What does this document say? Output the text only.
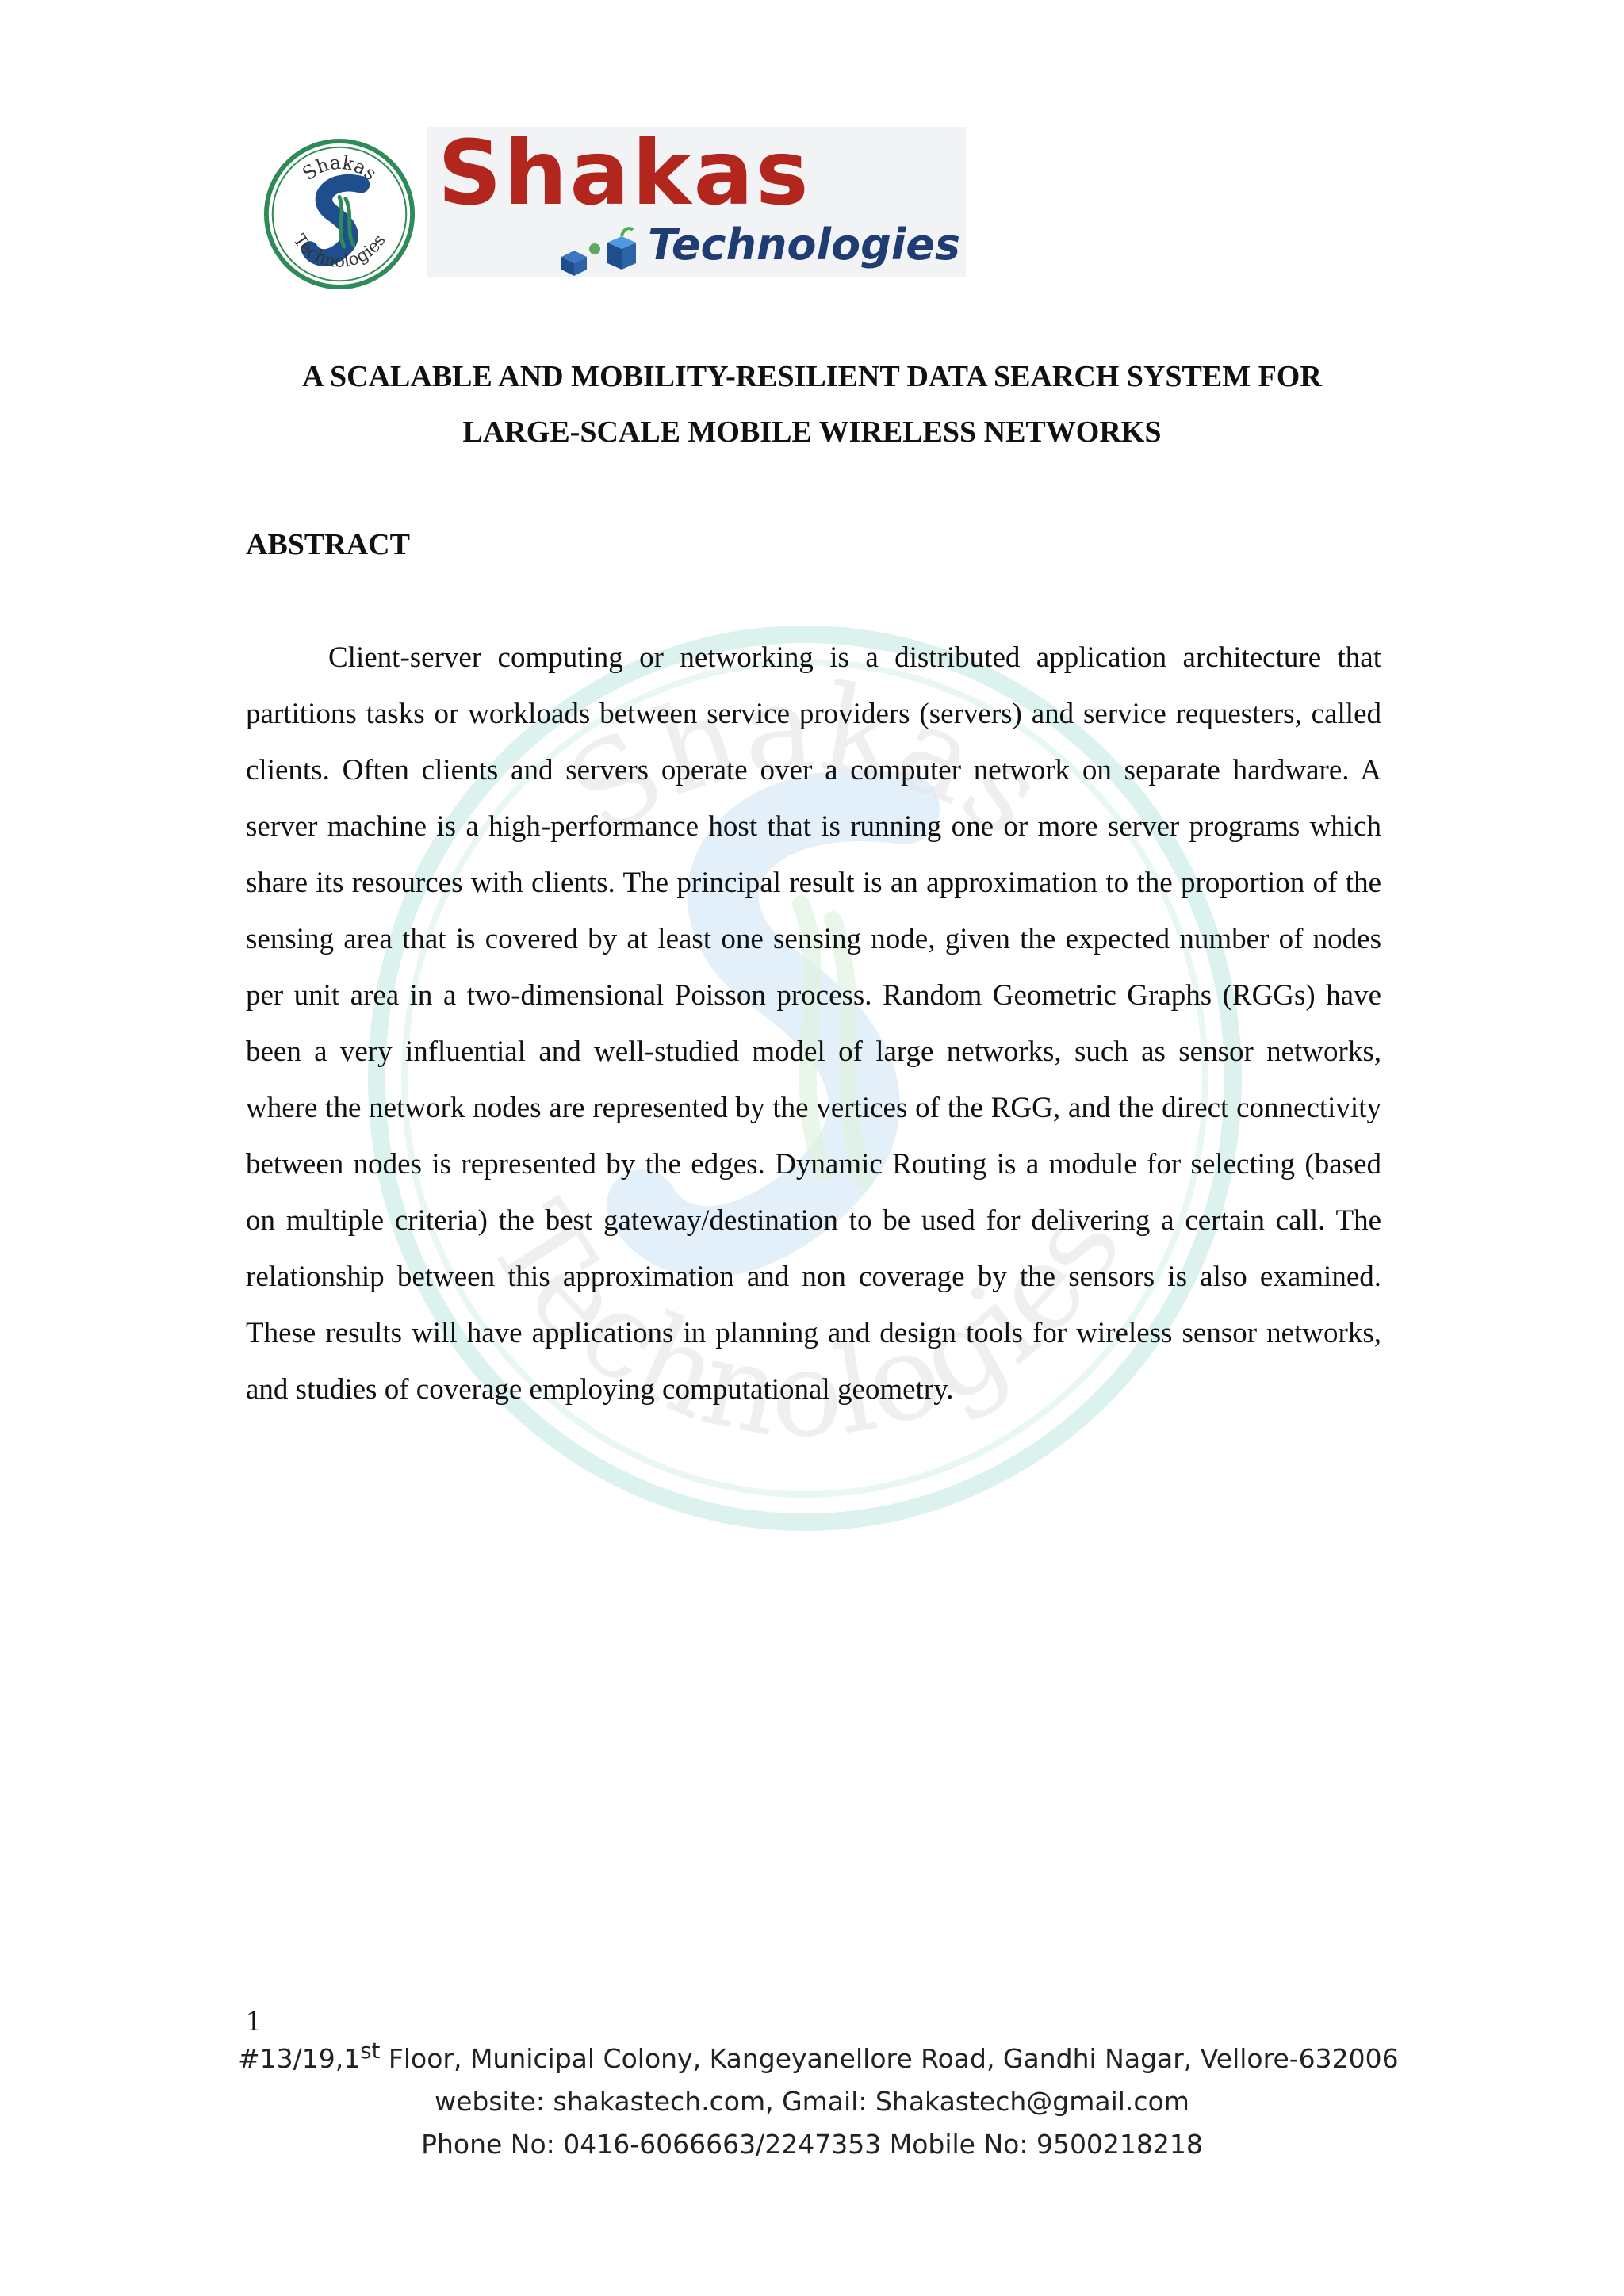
Shakas
Technologies
Shakas
Technologies
Shakas
Technologies
A SCALABLE AND MOBILITY-RESILIENT DATA SEARCH SYSTEM FOR
LARGE-SCALE MOBILE WIRELESS NETWORKS
ABSTRACT

Client-server computing or networking is a distributed application architecture that partitions tasks or workloads between service providers (servers) and service requesters, called clients. Often clients and servers operate over a computer network on separate hardware. A server machine is a high-performance host that is running one or more server programs which share its resources with clients. The principal result is an approximation to the proportion of the sensing area that is covered by at least one sensing node, given the expected number of nodes per unit area in a two-dimensional Poisson process. Random Geometric Graphs (RGGs) have been a very influential and well-studied model of large networks, such as sensor networks, where the network nodes are represented by the vertices of the RGG, and the direct connectivity between nodes is represented by the edges. Dynamic Routing is a module for selecting (based on multiple criteria) the best gateway/destination to be used for delivering a certain call. The relationship between this approximation and non coverage by the sensors is also examined. These results will have applications in planning and design tools for wireless sensor networks, and studies of coverage employing computational geometry.

1
#13/19,1st Floor, Municipal Colony, Kangeyanellore Road, Gandhi Nagar, Vellore-632006
website: shakastech.com, Gmail: Shakastech@gmail.com
Phone No: 0416-6066663/2247353 Mobile No: 9500218218
